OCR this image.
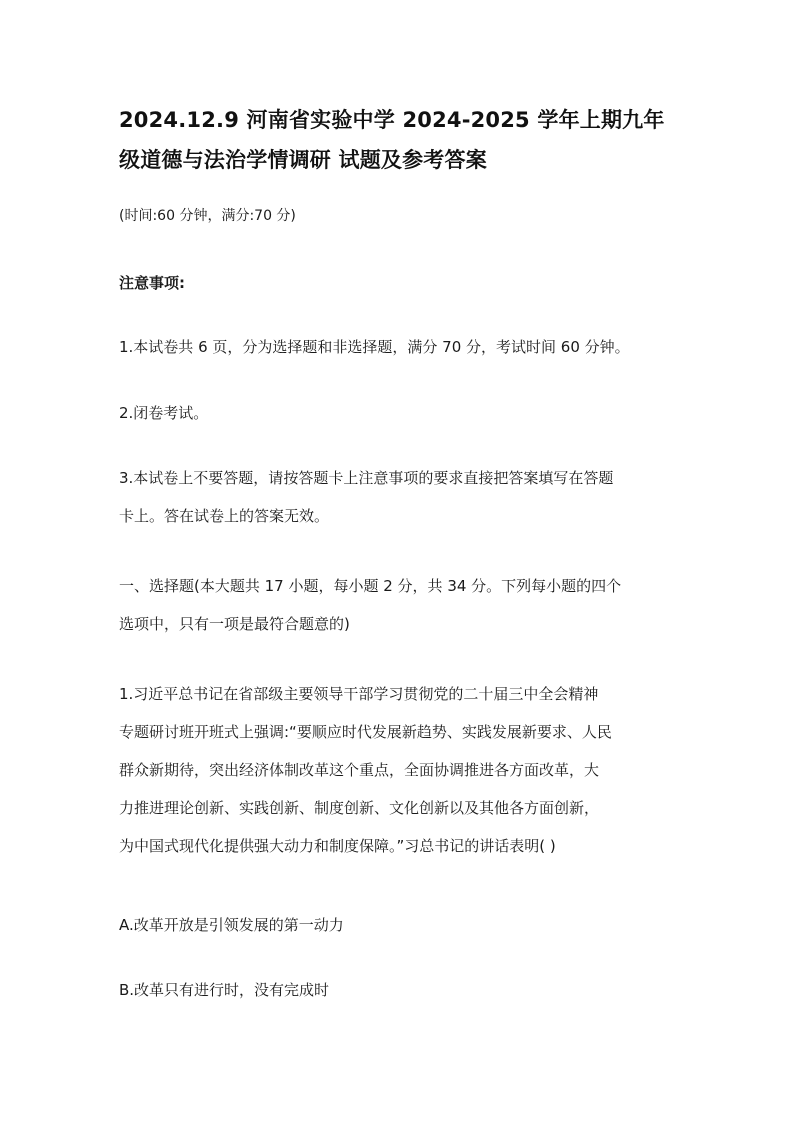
2024.12.9 河南省实验中学 2024-2025 学年上期九年
级道德与法治学情调研 试题及参考答案
(时间:60 分钟，满分:70 分)
注意事项:
1.本试卷共 6 页，分为选择题和非选择题，满分 70 分，考试时间 60 分钟。
2.闭卷考试。
3.本试卷上不要答题，请按答题卡上注意事项的要求直接把答案填写在答题
卡上。答在试卷上的答案无效。
一、选择题(本大题共 17 小题，每小题 2 分，共 34 分。下列每小题的四个
选项中，只有一项是最符合题意的)
1.习近平总书记在省部级主要领导干部学习贯彻党的二十届三中全会精神
专题研讨班开班式上强调:“要顺应时代发展新趋势、实践发展新要求、人民
群众新期待，突出经济体制改革这个重点，全面协调推进各方面改革，大
力推进理论创新、实践创新、制度创新、文化创新以及其他各方面创新，
为中国式现代化提供强大动力和制度保障。”习总书记的讲话表明( )
A.改革开放是引领发展的第一动力
B.改革只有进行时，没有完成时
